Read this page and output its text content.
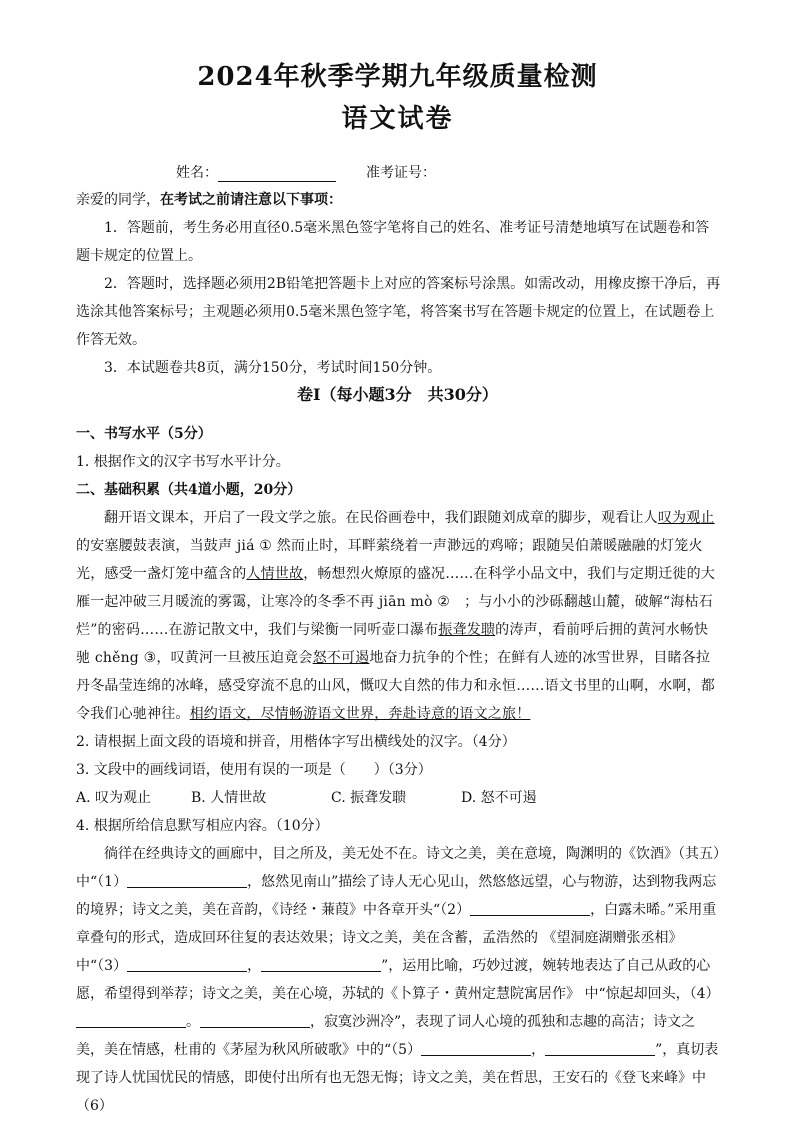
2024年秋季学期九年级质量检测
语文试卷
姓名：	准考证号：

亲爱的同学，在考试之前请注意以下事项：

1．答题前，考生务必用直径0.5毫米黑色签字笔将自己的姓名、准考证号清楚地填写在试题卷和答题卡规定的位置上。

2．答题时，选择题必须用2B铅笔把答题卡上对应的答案标号涂黑。如需改动，用橡皮擦干净后，再选涂其他答案标号；主观题必须用0.5毫米黑色签字笔，将答案书写在答题卡规定的位置上，在试题卷上作答无效。

3．本试题卷共8页，满分150分，考试时间150分钟。

卷Ⅰ（每小题3分　共30分）

一、书写水平（5分）

1. 根据作文的汉字书写水平计分。

二、基础积累（共4道小题，20分）

翻开语文课本，开启了一段文学之旅。在民俗画卷中，我们跟随刘成章的脚步，观看让人叹为观止的安塞腰鼓表演，当鼓声 jiá ① 然而止时，耳畔萦绕着一声渺远的鸡啼；跟随吴伯萧暖融融的灯笼火光，感受一盏灯笼中蕴含的人情世故，畅想烈火燎原的盛况……在科学小品文中，我们与定期迁徙的大雁一起冲破三月暖流的雾霭，让寒冷的冬季不再 jiān mò ②　；与小小的沙砾翻越山麓，破解“海枯石烂”的密码……在游记散文中，我们与梁衡一同听壶口瀑布振聋发聩的涛声，看前呼后拥的黄河水畅快驰 chěng ③，叹黄河一旦被压迫竟会怒不可遏地奋力抗争的个性；在鲜有人迹的冰雪世界，目睹各拉丹冬晶莹连绵的冰峰，感受穿流不息的山风，慨叹大自然的伟力和永恒……语文书里的山啊，水啊，都令我们心驰神往。相约语文，尽情畅游语文世界，奔赴诗意的语文之旅！

2. 请根据上面文段的语境和拼音，用楷体字写出横线处的汉字。（4分）

3. 文段中的画线词语，使用有误的一项是（　　）（3分）

A. 叹为观止	B. 人情世故	C. 振聋发聩	D. 怒不可遏

4. 根据所给信息默写相应内容。（10分）

徜徉在经典诗文的画廊中，目之所及，美无处不在。诗文之美，美在意境，陶渊明的《饮酒》（其五）中“（1）	，悠然见南山”描绘了诗人无心见山，然悠悠远望，心与物游，达到物我两忘的境界；诗文之美，美在音韵，《诗经・蒹葭》中各章开头“（2）	，白露未晞。”采用重章叠句的形式，造成回环往复的表达效果；诗文之美，美在含蓄，孟浩然的 《望洞庭湖赠张丞相》 中“（3）	，	”，运用比喻，巧妙过渡，婉转地表达了自己从政的心愿，希望得到举荐；诗文之美，美在心境，苏轼的《卜算子・黄州定慧院寓居作》 中“惊起却回头，（4）。	，寂寞沙洲冷”，表现了词人心境的孤独和志趣的高洁；诗文之美，美在情感，杜甫的《茅屋为秋风所破歌》中的“（5）	，	”，真切表现了诗人忧国忧民的情感，即使付出所有也无怨无悔；诗文之美，美在哲思，王安石的《登飞来峰》中（6）
